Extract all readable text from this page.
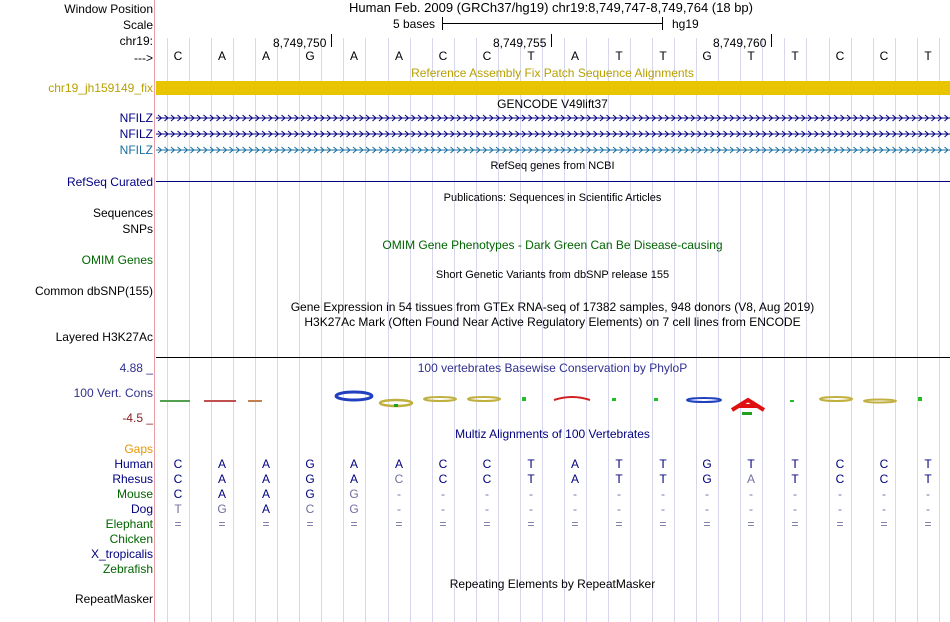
Window Position	Human Feb. 2009 (GRCh37/hg19) chr19:8,749,747-8,749,764 (18 bp)
Scale	5 bases	hg19
chr19:	8,749,750	8,749,755	8,749,760
--->	C	A	A	G	A	A	C	C	T	A	T	T	G	T	T	C	C	T
Reference Assembly Fix Patch Sequence Alignments
chr19_jh159149_fix
GENCODE V49lift37
NFILZ
NFILZ
NFILZ
RefSeq genes from NCBI
RefSeq Curated
Publications: Sequences in Scientific Articles
Sequences
SNPs
OMIM Gene Phenotypes - Dark Green Can Be Disease-causing
OMIM Genes
Short Genetic Variants from dbSNP release 155
Common dbSNP(155)
Gene Expression in 54 tissues from GTEx RNA-seq of 17382 samples, 948 donors (V8, Aug 2019)
H3K27Ac Mark (Often Found Near Active Regulatory Elements) on 7 cell lines from ENCODE
Layered H3K27Ac
100 vertebrates Basewise Conservation by PhyloP
4.88 _
100 Vert. Cons
-4.5 _
Multiz Alignments of 100 Vertebrates
Gaps
Human	C	A	A	G	A	A	C	C	T	A	T	T	G	T	T	C	C	T
Rhesus	C	A	A	G	A	C	C	C	T	A	T	T	G	A	T	C	C	T
Mouse	C	A	A	G	G	-	-	-	-	-	-	-	-	-	-	-	-	-
Dog	T	G	A	C	G	-	-	-	-	-	-	-	-	-	-	-	-	-
Elephant	=	=	=	=	=	=	=	=	=	=	=	=	=	=	=	=	=	=
Chicken
X_tropicalis
Zebrafish
Repeating Elements by RepeatMasker
RepeatMasker
